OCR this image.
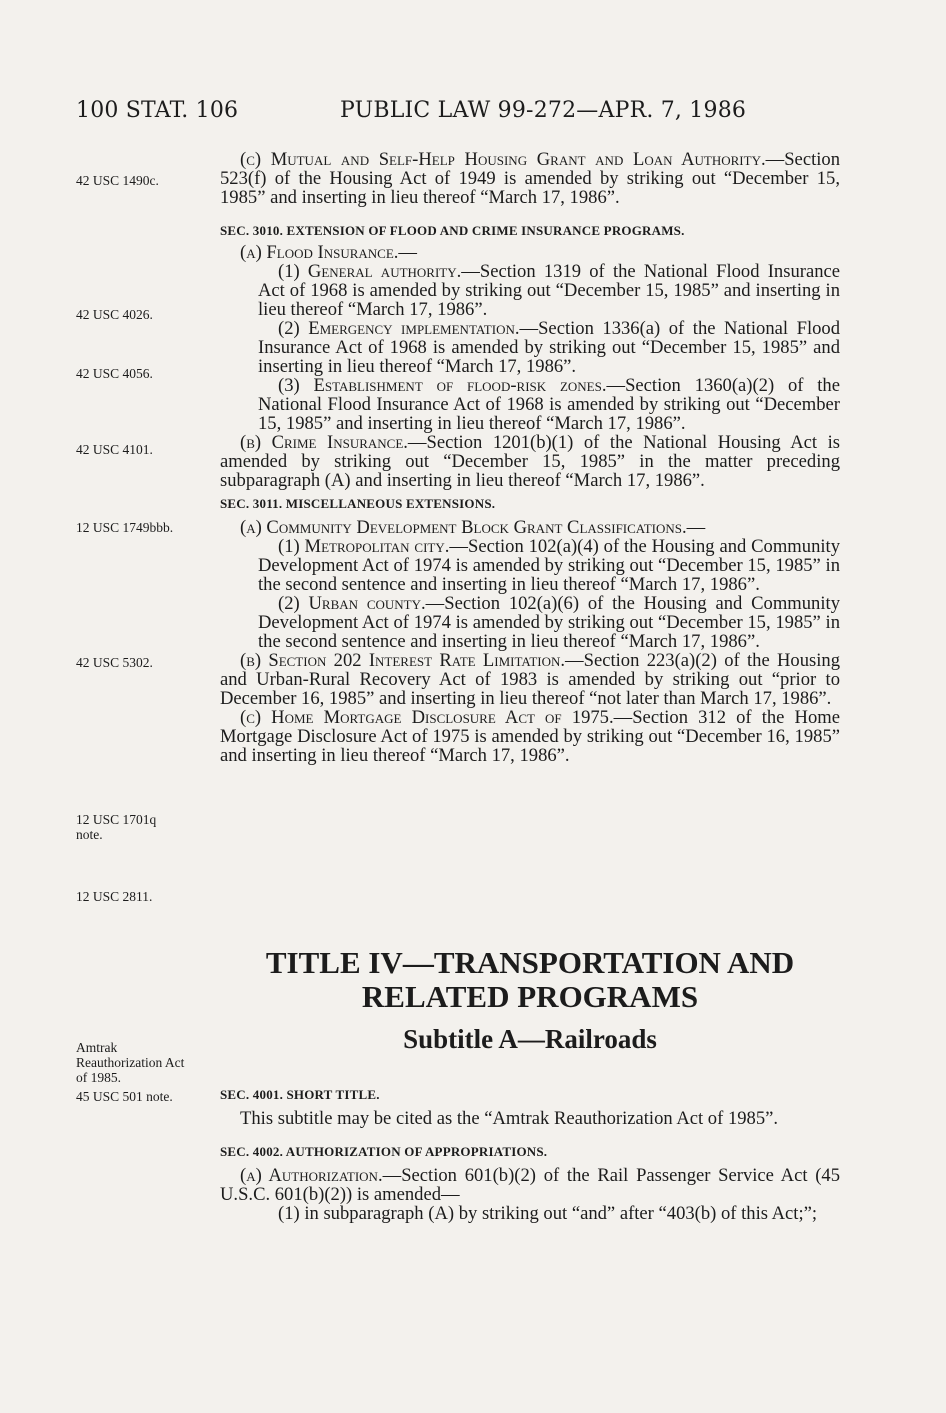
100 STAT. 106	PUBLIC LAW 99-272—APR. 7, 1986
42 USC 1490c.
42 USC 4026.
42 USC 4056.
42 USC 4101.
12 USC 1749bbb.
42 USC 5302.
12 USC 1701q note.
12 USC 2811.
Amtrak Reauthorization Act of 1985.
45 USC 501 note.

(c) Mutual and Self-Help Housing Grant and Loan Authority.—Section 523(f) of the Housing Act of 1949 is amended by striking out “December 15, 1985” and inserting in lieu thereof “March 17, 1986”.

SEC. 3010. EXTENSION OF FLOOD AND CRIME INSURANCE PROGRAMS.

(a) Flood Insurance.—

(1) General authority.—Section 1319 of the National Flood Insurance Act of 1968 is amended by striking out “December 15, 1985” and inserting in lieu thereof “March 17, 1986”.

(2) Emergency implementation.—Section 1336(a) of the National Flood Insurance Act of 1968 is amended by striking out “December 15, 1985” and inserting in lieu thereof “March 17, 1986”.

(3) Establishment of flood-risk zones.—Section 1360(a)(2) of the National Flood Insurance Act of 1968 is amended by striking out “December 15, 1985” and inserting in lieu thereof “March 17, 1986”.

(b) Crime Insurance.—Section 1201(b)(1) of the National Housing Act is amended by striking out “December 15, 1985” in the matter preceding subparagraph (A) and inserting in lieu thereof “March 17, 1986”.

SEC. 3011. MISCELLANEOUS EXTENSIONS.

(a) Community Development Block Grant Classifications.—

(1) Metropolitan city.—Section 102(a)(4) of the Housing and Community Development Act of 1974 is amended by striking out “December 15, 1985” in the second sentence and inserting in lieu thereof “March 17, 1986”.

(2) Urban county.—Section 102(a)(6) of the Housing and Community Development Act of 1974 is amended by striking out “December 15, 1985” in the second sentence and inserting in lieu thereof “March 17, 1986”.

(b) Section 202 Interest Rate Limitation.—Section 223(a)(2) of the Housing and Urban-Rural Recovery Act of 1983 is amended by striking out “prior to December 16, 1985” and inserting in lieu thereof “not later than March 17, 1986”.

(c) Home Mortgage Disclosure Act of 1975.—Section 312 of the Home Mortgage Disclosure Act of 1975 is amended by striking out “December 16, 1985” and inserting in lieu thereof “March 17, 1986”.

TITLE IV—TRANSPORTATION AND
RELATED PROGRAMS
Subtitle A—Railroads

SEC. 4001. SHORT TITLE.

This subtitle may be cited as the “Amtrak Reauthorization Act of 1985”.

SEC. 4002. AUTHORIZATION OF APPROPRIATIONS.

(a) Authorization.—Section 601(b)(2) of the Rail Passenger Service Act (45 U.S.C. 601(b)(2)) is amended—

(1) in subparagraph (A) by striking out “and” after “403(b) of this Act;”;
